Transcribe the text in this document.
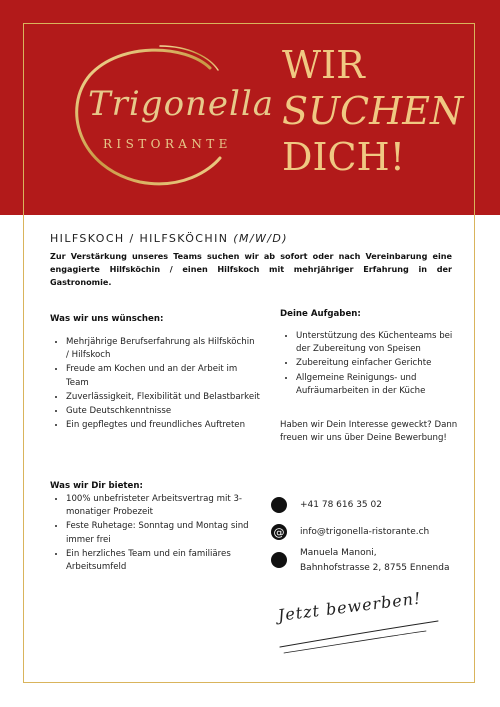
Trigonella
RISTORANTE
WIR
SUCHEN
DICH!
HILFSKOCH / HILFSKÖCHIN (M/W/D)
Zur Verstärkung unseres Teams suchen wir ab sofort oder nach Vereinbarung eine engagierte Hilfsköchin / einen Hilfskoch mit mehrjähriger Erfahrung in der Gastronomie.
Was wir uns wünschen:
• Mehrjährige Berufserfahrung als Hilfsköchin / Hilfskoch
• Freude am Kochen und an der Arbeit im Team
• Zuverlässigkeit, Flexibilität und Belastbarkeit
• Gute Deutschkenntnisse
• Ein gepflegtes und freundliches Auftreten
Was wir Dir bieten:
• 100% unbefristeter Arbeitsvertrag mit 3-monatiger Probezeit
• Feste Ruhetage: Sonntag und Montag sind immer frei
• Ein herzliches Team und ein familiäres Arbeitsumfeld
Deine Aufgaben:
• Unterstützung des Küchenteams bei der Zubereitung von Speisen
• Zubereitung einfacher Gerichte
• Allgemeine Reinigungs- und Aufräumarbeiten in der Küche
Haben wir Dein Interesse geweckt? Dann freuen wir uns über Deine Bewerbung!
+41 78 616 35 02
@ info@trigonella-ristorante.ch
Manuela Manoni,
Bahnhofstrasse 2, 8755 Ennenda
Jetzt bewerben!
